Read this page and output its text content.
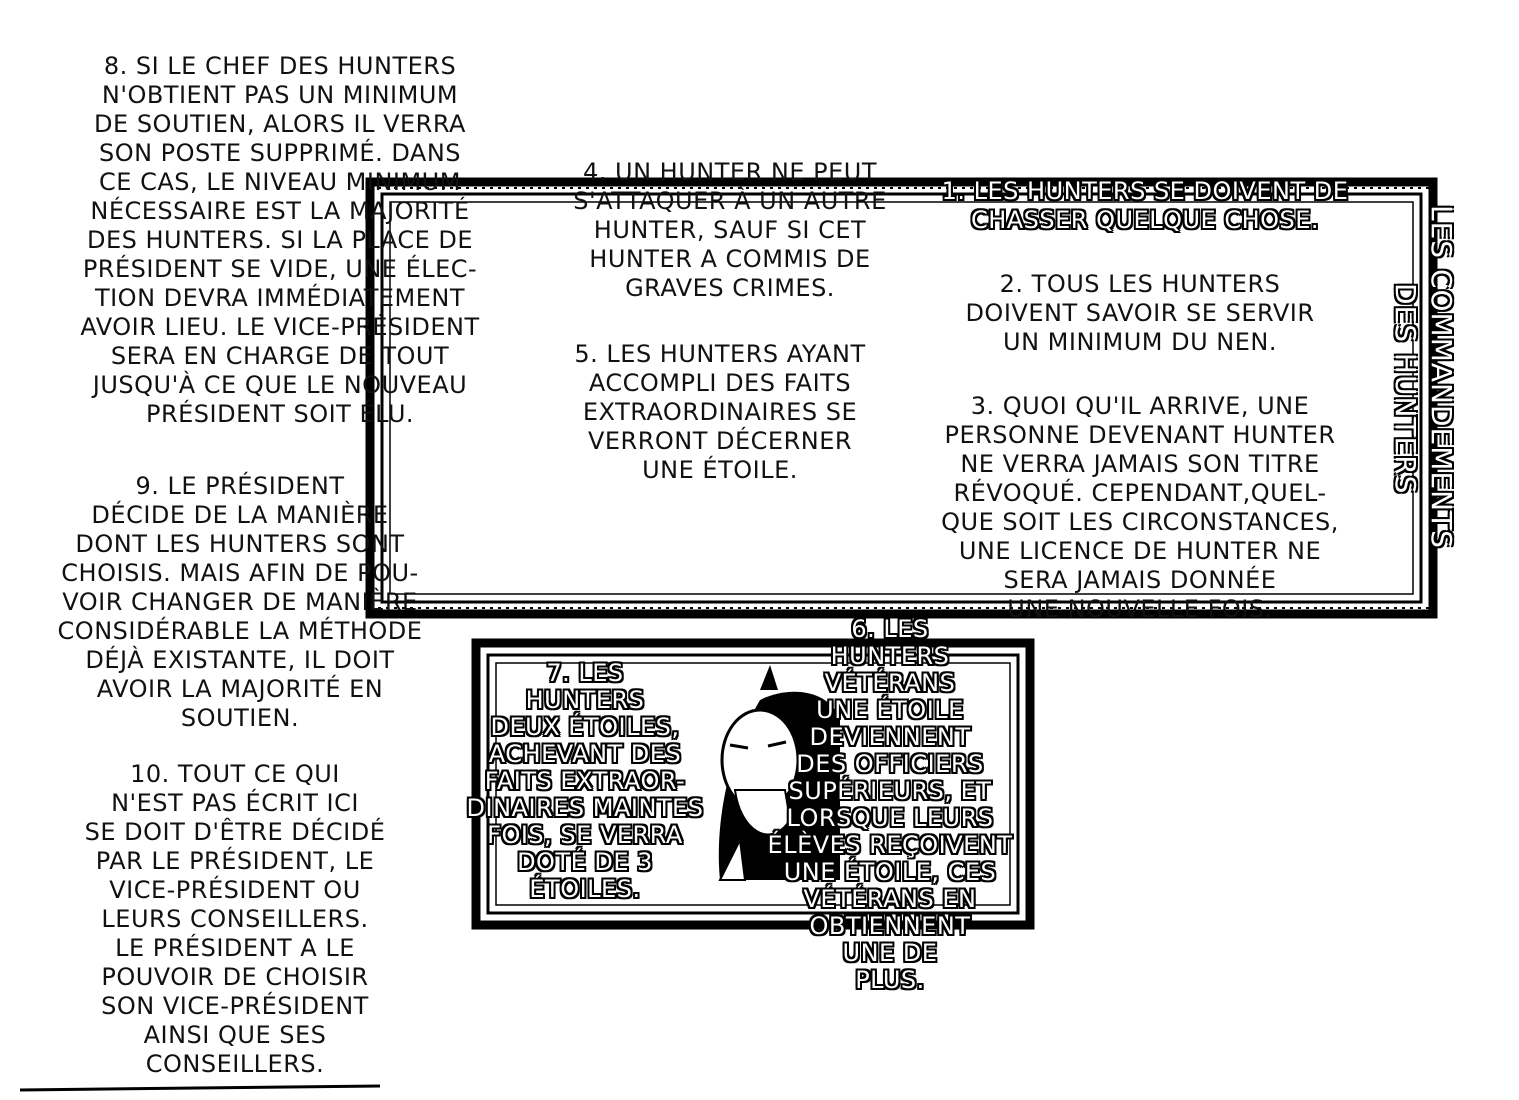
LES COMMANDEMENTS
DES HUNTERS
8. SI LE CHEF DES HUNTERS
N'OBTIENT PAS UN MINIMUM
DE SOUTIEN, ALORS IL VERRA
SON POSTE SUPPRIMÉ. DANS
CE CAS, LE NIVEAU MINIMUM
NÉCESSAIRE EST LA MAJORITÉ
DES HUNTERS. SI LA PLACE DE
PRÉSIDENT SE VIDE, UNE ÉLEC-
TION DEVRA IMMÉDIATEMENT
AVOIR LIEU. LE VICE-PRÉSIDENT
SERA EN CHARGE DE TOUT
JUSQU'À CE QUE LE NOUVEAU
PRÉSIDENT SOIT ÉLU.
9. LE PRÉSIDENT
DÉCIDE DE LA MANIÈRE
DONT LES HUNTERS SONT
CHOISIS. MAIS AFIN DE POU-
VOIR CHANGER DE MANIÈRE
CONSIDÉRABLE LA MÉTHODE
DÉJÀ EXISTANTE, IL DOIT
AVOIR LA MAJORITÉ EN
SOUTIEN.
10. TOUT CE QUI
N'EST PAS ÉCRIT ICI
SE DOIT D'ÊTRE DÉCIDÉ
PAR LE PRÉSIDENT, LE
VICE-PRÉSIDENT OU
LEURS CONSEILLERS.
LE PRÉSIDENT A LE
POUVOIR DE CHOISIR
SON VICE-PRÉSIDENT
AINSI QUE SES
CONSEILLERS.
4. UN HUNTER NE PEUT
S'ATTAQUER À UN AUTRE
HUNTER, SAUF SI CET
HUNTER A COMMIS DE
GRAVES CRIMES.
5. LES HUNTERS AYANT
ACCOMPLI DES FAITS
EXTRAORDINAIRES SE
VERRONT DÉCERNER
UNE ÉTOILE.
1. LES HUNTERS SE DOIVENT DE
CHASSER QUELQUE CHOSE.
2. TOUS LES HUNTERS
DOIVENT SAVOIR SE SERVIR
UN MINIMUM DU NEN.
3. QUOI QU'IL ARRIVE, UNE
PERSONNE DEVENANT HUNTER
NE VERRA JAMAIS SON TITRE
RÉVOQUÉ. CEPENDANT,QUEL-
QUE SOIT LES CIRCONSTANCES,
UNE LICENCE DE HUNTER NE
SERA JAMAIS DONNÉE
UNE NOUVELLE FOIS.
6. LES
HUNTERS
VÉTÉRANS
UNE ÉTOILE
DEVIENNENT
DES OFFICIERS
SUPÉRIEURS, ET
LORSQUE LEURS
ÉLÈVES REÇOIVENT
UNE ÉTOILE, CES
VÉTÉRANS EN
OBTIENNENT
UNE DE
PLUS.
7. LES
HUNTERS
DEUX ÉTOILES,
ACHEVANT DES
FAITS EXTRAOR-
DINAIRES MAINTES
FOIS, SE VERRA
DOTÉ DE 3
ÉTOILES.
